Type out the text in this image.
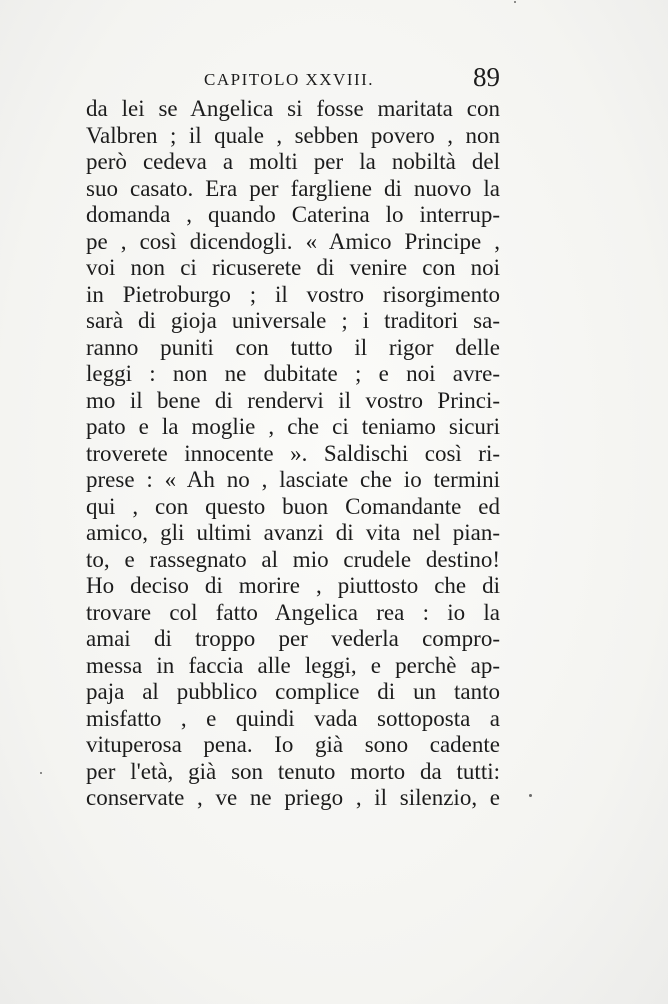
CAPITOLO XXVIII.	89
da lei se Angelica si fosse maritata con
Valbren ; il quale , sebben povero , non
però cedeva a molti per la nobiltà del
suo casato. Era per fargliene di nuovo la
domanda , quando Caterina lo interrup-
pe , così dicendogli. « Amico Principe ,
voi non ci ricuserete di venire con noi
in Pietroburgo ; il vostro risorgimento
sarà di gioja universale ; i traditori sa-
ranno puniti con tutto il rigor delle
leggi : non ne dubitate ; e noi avre-
mo il bene di rendervi il vostro Princi-
pato e la moglie , che ci teniamo sicuri
troverete innocente ». Saldischi così ri-
prese : « Ah no , lasciate che io termini
qui , con questo buon Comandante ed
amico, gli ultimi avanzi di vita nel pian-
to, e rassegnato al mio crudele destino!
Ho deciso di morire , piuttosto che di
trovare col fatto Angelica rea : io la
amai di troppo per vederla compro-
messa in faccia alle leggi, e perchè ap-
paja al pubblico complice di un tanto
misfatto , e quindi vada sottoposta a
vituperosa pena. Io già sono cadente
per l'età, già son tenuto morto da tutti:
conservate , ve ne priego , il silenzio, e
